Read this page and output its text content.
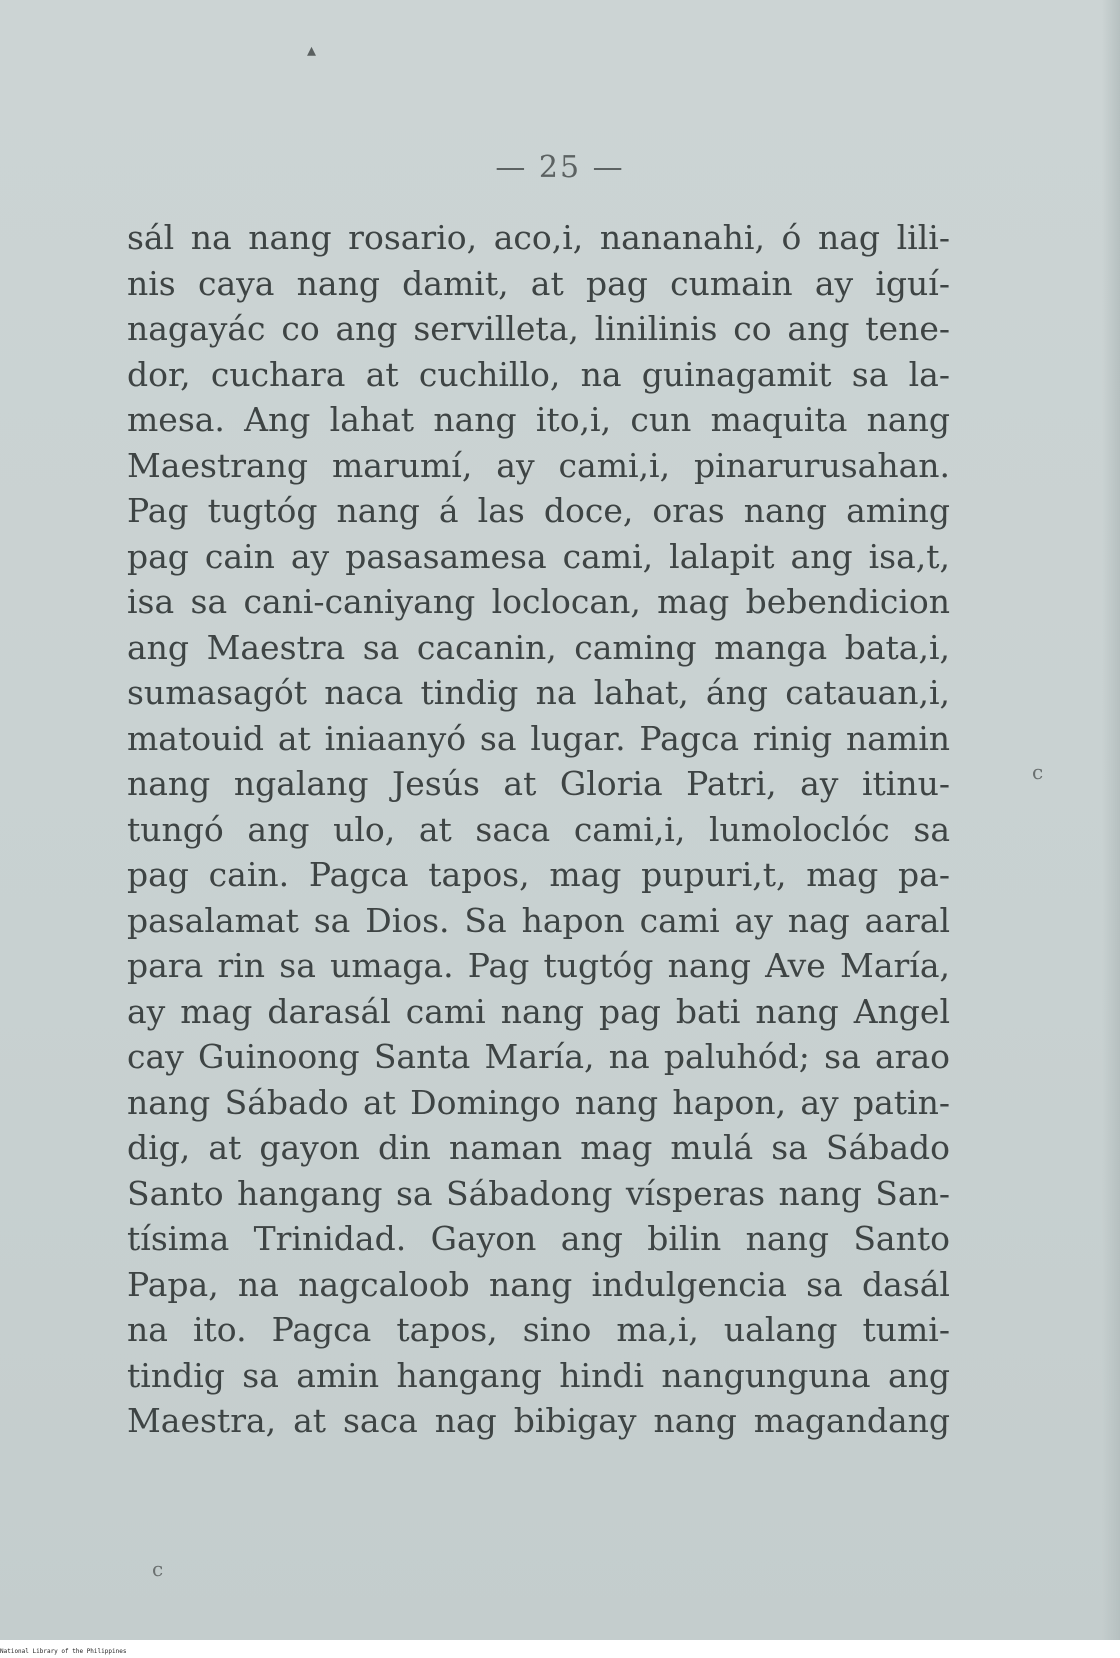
▴
c
c
— 25 —
sál na nang rosario, aco,i, nananahi, ó nag lili-
nis caya nang damit, at pag cumain ay iguí-
nagayác co ang servilleta, linilinis co ang tene-
dor, cuchara at cuchillo, na guinagamit sa la-
mesa. Ang lahat nang ito,i, cun maquita nang
Maestrang marumí, ay cami,i, pinarurusahan.
Pag tugtóg nang á las doce, oras nang aming
pag cain ay pasasamesa cami, lalapit ang isa,t,
isa sa cani-caniyang loclocan, mag bebendicion
ang Maestra sa cacanin, caming manga bata,i,
sumasagót naca tindig na lahat, áng catauan,i,
matouid at iniaanyó sa lugar. Pagca rinig namin
nang ngalang Jesús at Gloria Patri, ay itinu-
tungó ang ulo, at saca cami,i, lumoloclóc sa
pag cain. Pagca tapos, mag pupuri,t, mag pa-
pasalamat sa Dios. Sa hapon cami ay nag aaral
para rin sa umaga. Pag tugtóg nang Ave María,
ay mag darasál cami nang pag bati nang Angel
cay Guinoong Santa María, na paluhód; sa arao
nang Sábado at Domingo nang hapon, ay patin-
dig, at gayon din naman mag mulá sa Sábado
Santo hangang sa Sábadong vísperas nang San-
tísima Trinidad. Gayon ang bilin nang Santo
Papa, na nagcaloob nang indulgencia sa dasál
na ito. Pagca tapos, sino ma,i, ualang tumi-
tindig sa amin hangang hindi nangunguna ang
Maestra, at saca nag bibigay nang magandang
National Library of the Philippines
